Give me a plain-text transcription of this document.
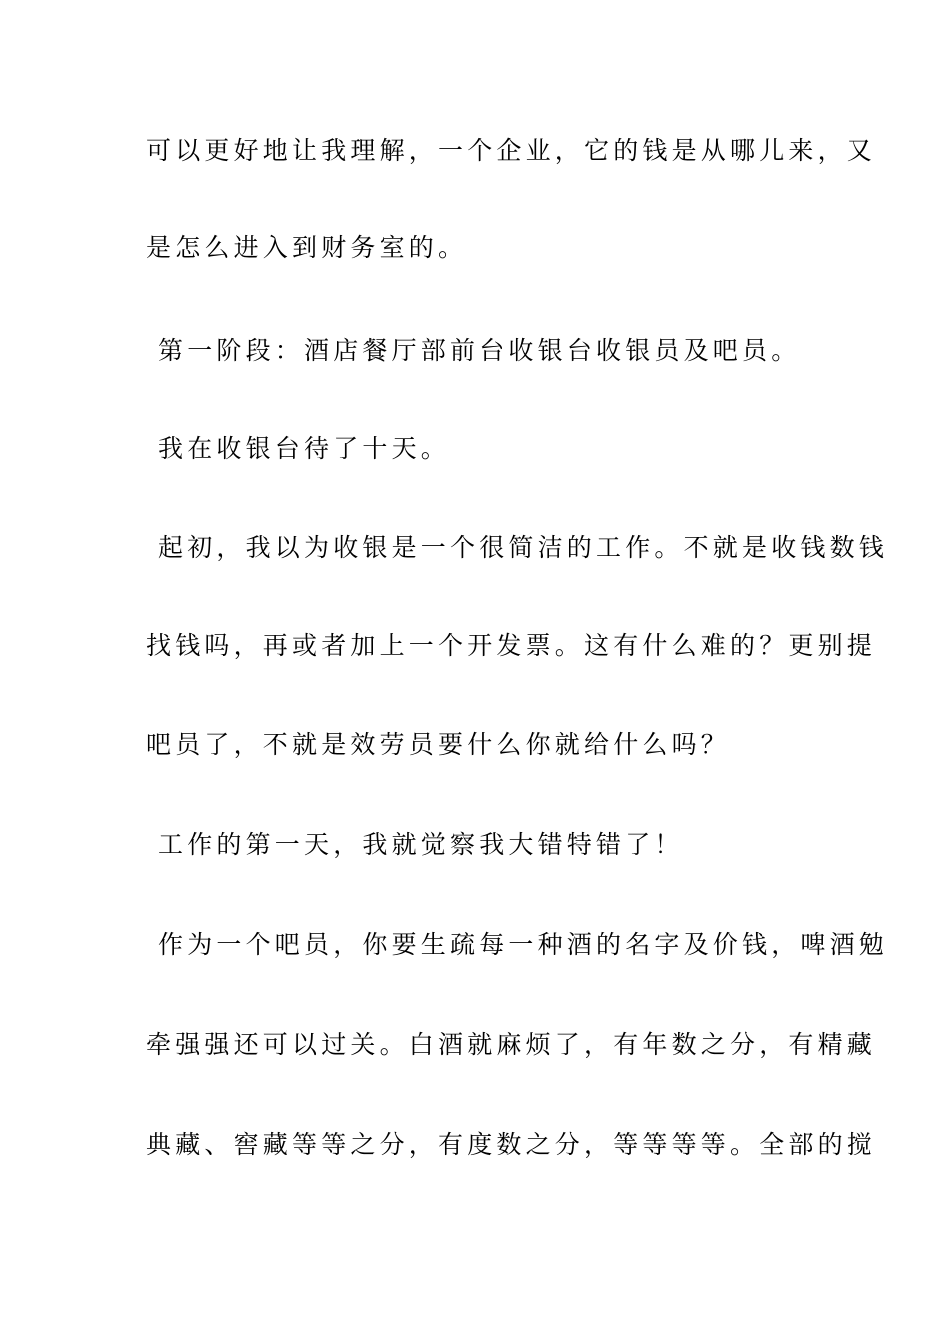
可以更好地让我理解，一个企业，它的钱是从哪儿来，又
是怎么进入到财务室的。
第一阶段：酒店餐厅部前台收银台收银员及吧员。
我在收银台待了十天。
起初，我以为收银是一个很简洁的工作。不就是收钱数钱
找钱吗，再或者加上一个开发票。这有什么难的？更别提
吧员了，不就是效劳员要什么你就给什么吗？
工作的第一天，我就觉察我大错特错了！
作为一个吧员，你要生疏每一种酒的名字及价钱，啤酒勉
牵强强还可以过关。白酒就麻烦了，有年数之分，有精藏
典藏、窖藏等等之分，有度数之分，等等等等。全部的搅
